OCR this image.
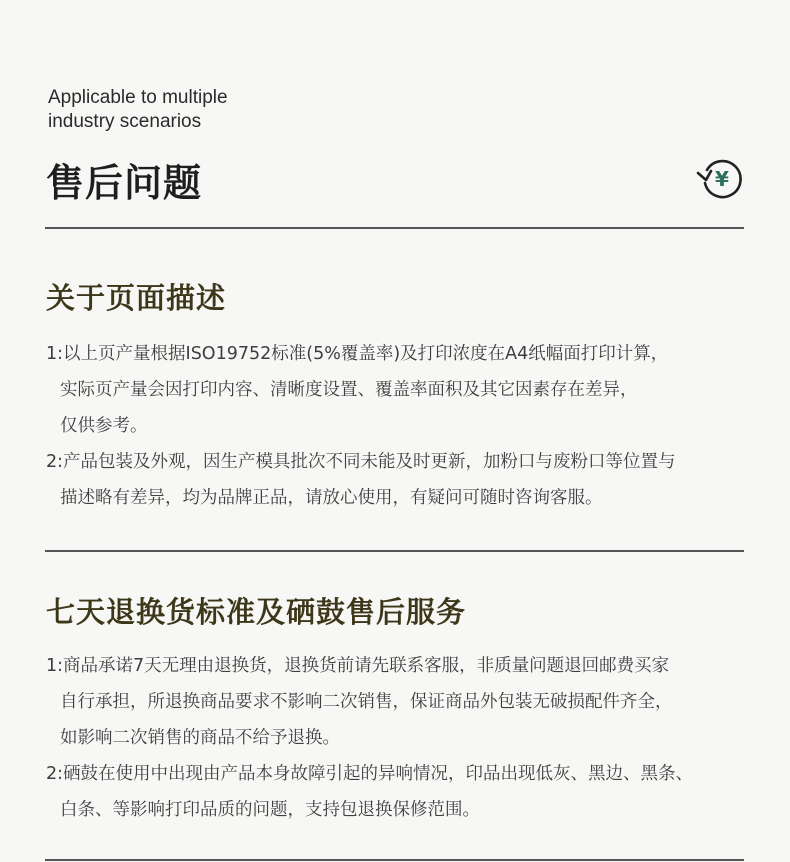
Applicable to multiple
industry scenarios
售后问题	¥
关于页面描述
1:以上页产量根据ISO19752标准(5%覆盖率)及打印浓度在A4纸幅面打印计算，
实际页产量会因打印内容、清晰度设置、覆盖率面积及其它因素存在差异，
仅供参考。
2:产品包装及外观，因生产模具批次不同未能及时更新，加粉口与废粉口等位置与
描述略有差异，均为品牌正品，请放心使用，有疑问可随时咨询客服。
七天退换货标准及硒鼓售后服务
1:商品承诺7天无理由退换货，退换货前请先联系客服，非质量问题退回邮费买家
自行承担，所退换商品要求不影响二次销售，保证商品外包装无破损配件齐全，
如影响二次销售的商品不给予退换。
2:硒鼓在使用中出现由产品本身故障引起的异响情况，印品出现低灰、黑边、黑条、
白条、等影响打印品质的问题，支持包退换保修范围。
